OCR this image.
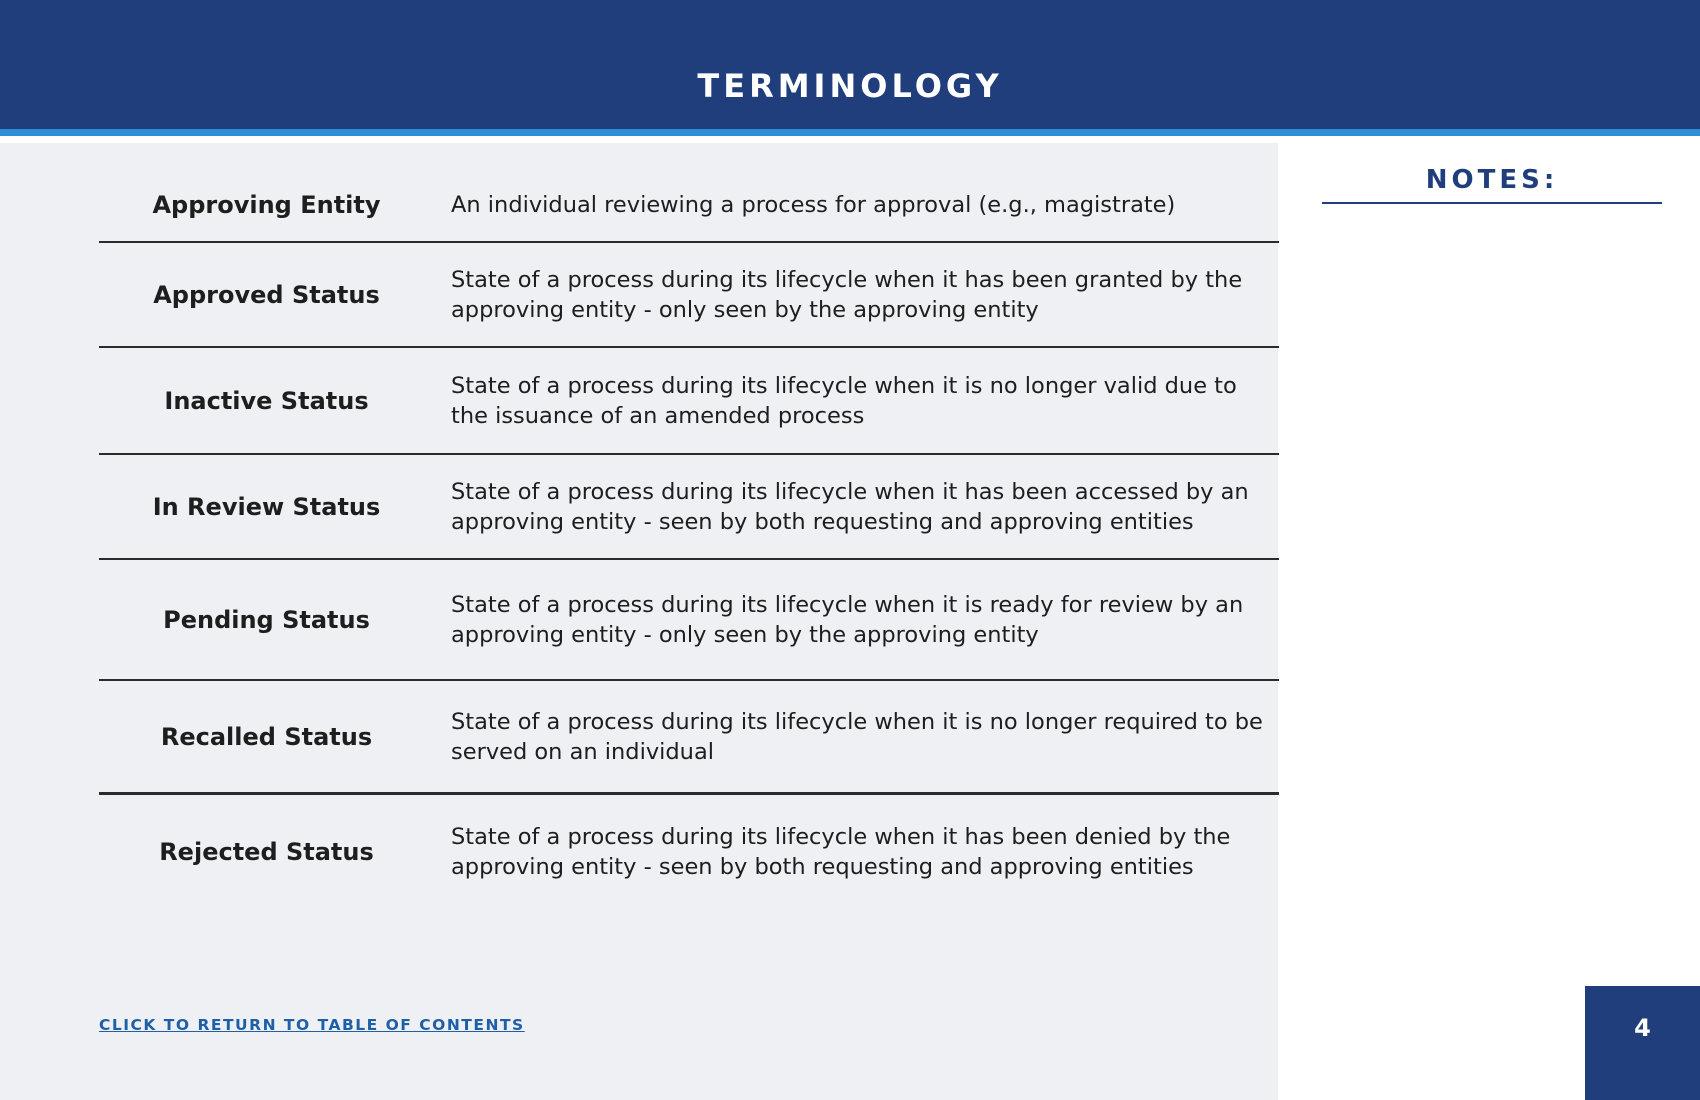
TERMINOLOGY
NOTES:
Approving Entity	An individual reviewing a process for approval (e.g., magistrate)
Approved Status
State of a process during its lifecycle when it has been granted by the approving entity - only seen by the approving entity
Inactive Status
State of a process during its lifecycle when it is no longer valid due to the issuance of an amended process
In Review Status
State of a process during its lifecycle when it has been accessed by an approving entity - seen by both requesting and approving entities
Pending Status
State of a process during its lifecycle when it is ready for review by an approving entity - only seen by the approving entity
Recalled Status
State of a process during its lifecycle when it is no longer required to be served on an individual
Rejected Status
State of a process during its lifecycle when it has been denied by the approving entity - seen by both requesting and approving entities
CLICK TO RETURN TO TABLE OF CONTENTS	4
